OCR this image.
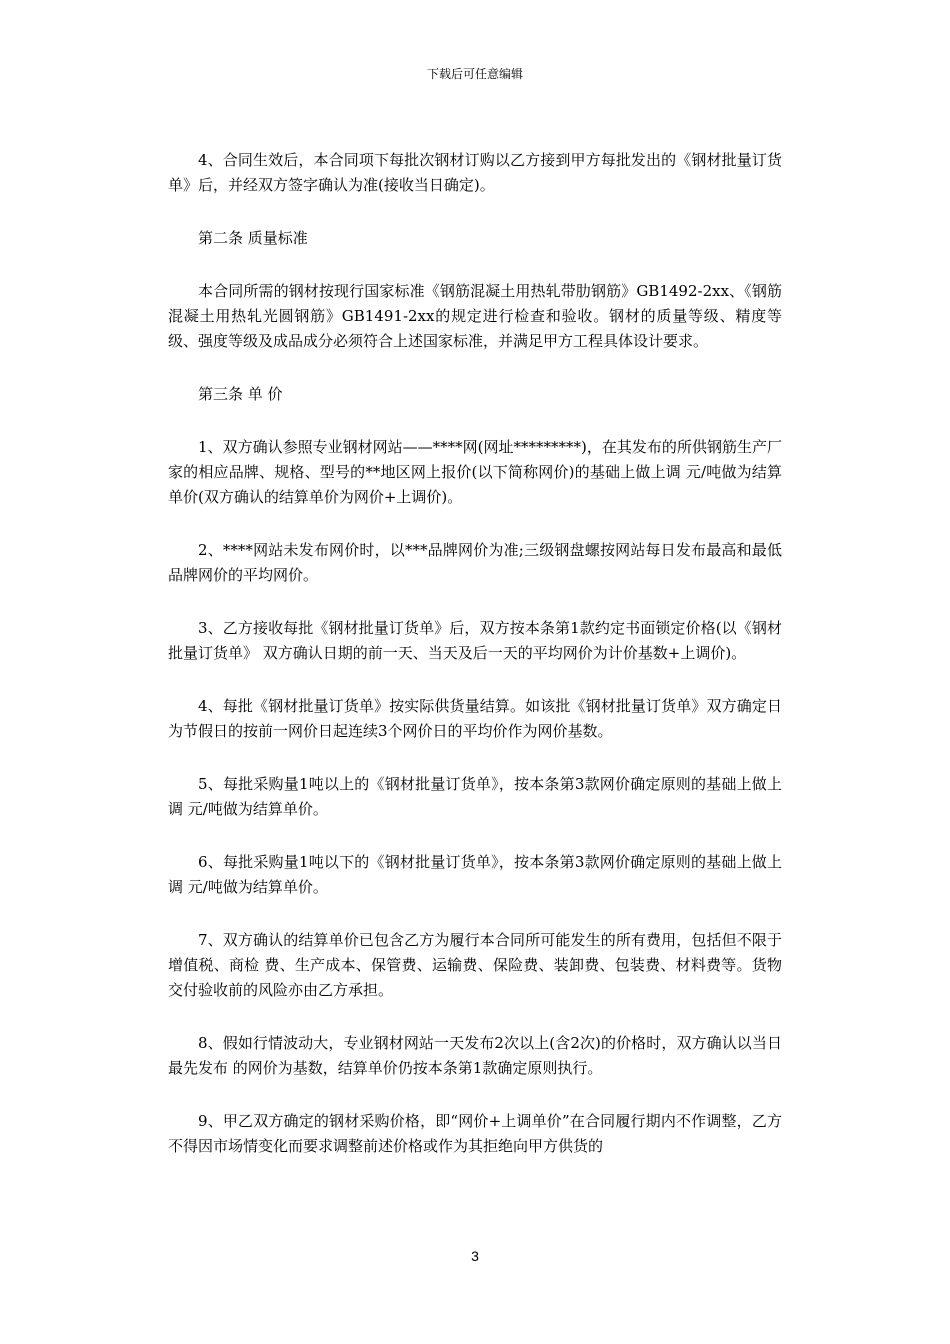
下载后可任意编辑

4、合同生效后，本合同项下每批次钢材订购以乙方接到甲方每批发出的《钢材批量订货单》后，并经双方签字确认为准(接收当日确定)。

第二条 质量标准

本合同所需的钢材按现行国家标准《钢筋混凝土用热轧带肋钢筋》GB1492-2xx、《钢筋混凝土用热轧光圆钢筋》GB1491-2xx的规定进行检查和验收。钢材的质量等级、精度等级、强度等级及成品成分必须符合上述国家标准，并满足甲方工程具体设计要求。

第三条 单 价

1、双方确认参照专业钢材网站——****网(网址*********)，在其发布的所供钢筋生产厂家的相应品牌、规格、型号的**地区网上报价(以下简称网价)的基础上做上调 元/吨做为结算单价(双方确认的结算单价为网价+上调价)。

2、****网站未发布网价时，以***品牌网价为准;三级钢盘螺按网站每日发布最高和最低品牌网价的平均网价。

3、乙方接收每批《钢材批量订货单》后，双方按本条第1款约定书面锁定价格(以《钢材批量订货单》 双方确认日期的前一天、当天及后一天的平均网价为计价基数+上调价)。

4、每批《钢材批量订货单》按实际供货量结算。如该批《钢材批量订货单》双方确定日为节假日的按前一网价日起连续3个网价日的平均价作为网价基数。

5、每批采购量1吨以上的《钢材批量订货单》，按本条第3款网价确定原则的基础上做上调 元/吨做为结算单价。

6、每批采购量1吨以下的《钢材批量订货单》，按本条第3款网价确定原则的基础上做上调 元/吨做为结算单价。

7、双方确认的结算单价已包含乙方为履行本合同所可能发生的所有费用，包括但不限于增值税、商检 费、生产成本、保管费、运输费、保险费、装卸费、包装费、材料费等。货物交付验收前的风险亦由乙方承担。

8、假如行情波动大，专业钢材网站一天发布2次以上(含2次)的价格时，双方确认以当日最先发布 的网价为基数，结算单价仍按本条第1款确定原则执行。

9、甲乙双方确定的钢材采购价格，即“网价+上调单价”在合同履行期内不作调整，乙方不得因市场情变化而要求调整前述价格或作为其拒绝向甲方供货的

3
